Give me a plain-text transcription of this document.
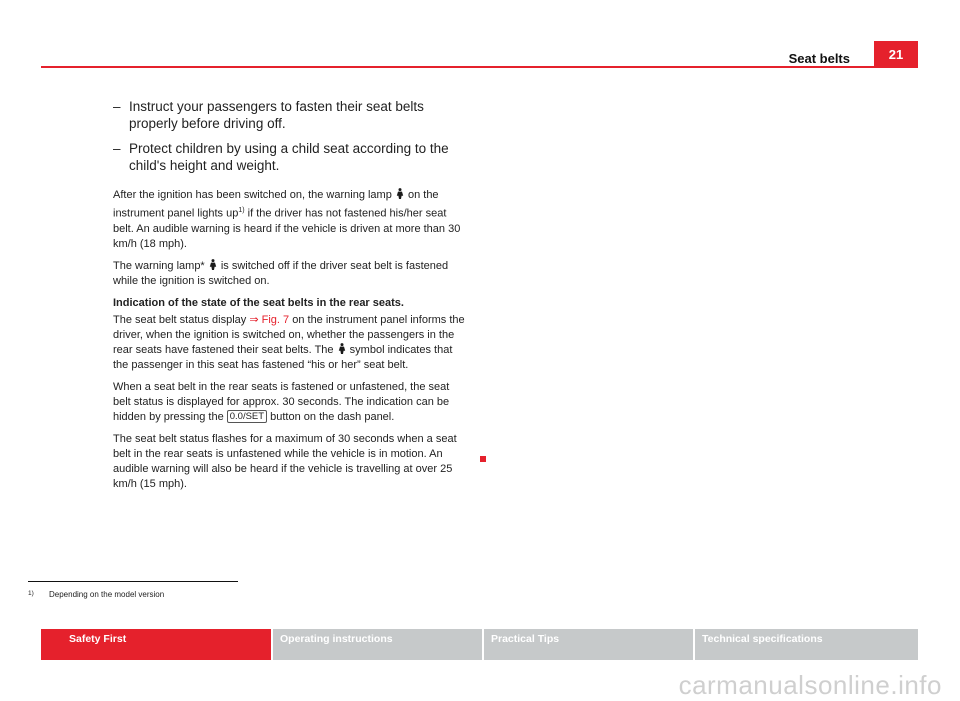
Seat belts	21
– Instruct your passengers to fasten their seat belts properly before driving off.
– Protect children by using a child seat according to the child's height and weight.

After the ignition has been switched on, the warning lamp on the instrument panel lights $up^{1)}$ if the driver has not fastened his/her seat belt. An audible warning is heard if the vehicle is driven at more than 30 km/h (18 mph).

The warning lamp* is switched off if the driver seat belt is fastened while the ignition is switched on.

Indication of the state of the seat belts in the rear seats.

The seat belt status display ⇒ Fig. 7 on the instrument panel informs the driver, when the ignition is switched on, whether the passengers in the rear seats have fastened their seat belts. The symbol indicates that the passenger in this seat has fastened “his or her” seat belt.

When a seat belt in the rear seats is fastened or unfastened, the seat belt status is displayed for approx. 30 seconds. The indication can be hidden by pressing the 0.0/SET button on the dash panel.

The seat belt status flashes for a maximum of 30 seconds when a seat belt in the rear seats is unfastened while the vehicle is in motion. An audible warning will also be heard if the vehicle is travelling at over 25 km/h (15 mph).

1)	Depending on the model version
Safety First	Operating instructions	Practical Tips	Technical specifications
carmanualsonline.info
